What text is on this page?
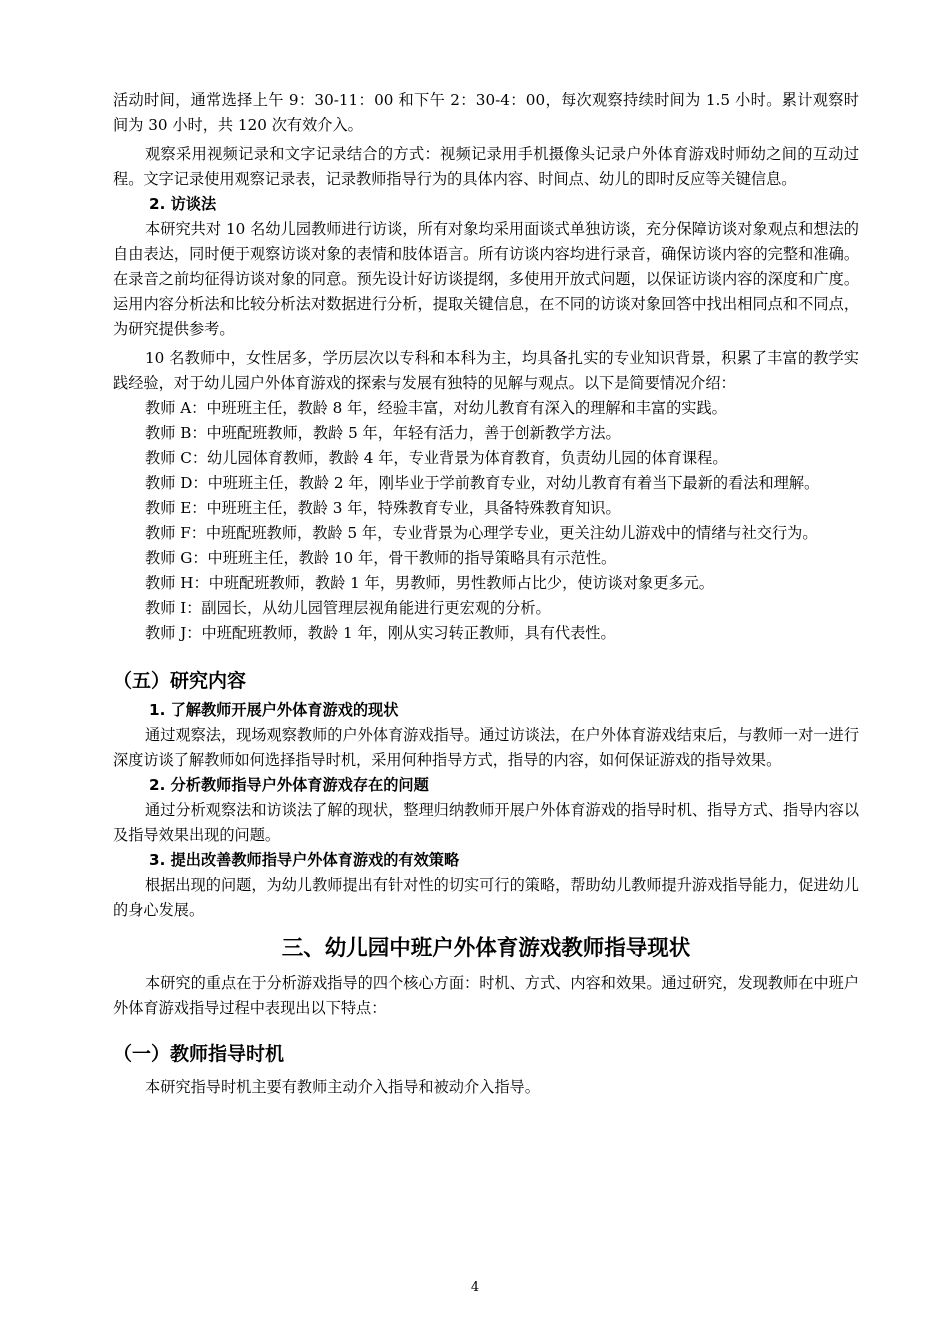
活动时间，通常选择上午 9：30-11：00 和下午 2：30-4：00，每次观察持续时间为 1.5 小时。累计观察时间为 30 小时，共 120 次有效介入。

观察采用视频记录和文字记录结合的方式：视频记录用手机摄像头记录户外体育游戏时师幼之间的互动过程。文字记录使用观察记录表，记录教师指导行为的具体内容、时间点、幼儿的即时反应等关键信息。

2. 访谈法

本研究共对 10 名幼儿园教师进行访谈，所有对象均采用面谈式单独访谈，充分保障访谈对象观点和想法的自由表达，同时便于观察访谈对象的表情和肢体语言。所有访谈内容均进行录音，确保访谈内容的完整和准确。在录音之前均征得访谈对象的同意。预先设计好访谈提纲，多使用开放式问题，以保证访谈内容的深度和广度。运用内容分析法和比较分析法对数据进行分析，提取关键信息，在不同的访谈对象回答中找出相同点和不同点，为研究提供参考。

10 名教师中，女性居多，学历层次以专科和本科为主，均具备扎实的专业知识背景，积累了丰富的教学实践经验，对于幼儿园户外体育游戏的探索与发展有独特的见解与观点。以下是简要情况介绍：

教师 A：中班班主任，教龄 8 年，经验丰富，对幼儿教育有深入的理解和丰富的实践。

教师 B：中班配班教师，教龄 5 年，年轻有活力，善于创新教学方法。

教师 C：幼儿园体育教师，教龄 4 年，专业背景为体育教育，负责幼儿园的体育课程。

教师 D：中班班主任，教龄 2 年，刚毕业于学前教育专业，对幼儿教育有着当下最新的看法和理解。

教师 E：中班班主任，教龄 3 年，特殊教育专业，具备特殊教育知识。

教师 F：中班配班教师，教龄 5 年，专业背景为心理学专业，更关注幼儿游戏中的情绪与社交行为。

教师 G：中班班主任，教龄 10 年，骨干教师的指导策略具有示范性。

教师 H：中班配班教师，教龄 1 年，男教师，男性教师占比少，使访谈对象更多元。

教师 I：副园长，从幼儿园管理层视角能进行更宏观的分析。

教师 J：中班配班教师，教龄 1 年，刚从实习转正教师，具有代表性。

（五）研究内容

1. 了解教师开展户外体育游戏的现状

通过观察法，现场观察教师的户外体育游戏指导。通过访谈法，在户外体育游戏结束后，与教师一对一进行深度访谈了解教师如何选择指导时机，采用何种指导方式，指导的内容，如何保证游戏的指导效果。

2. 分析教师指导户外体育游戏存在的问题

通过分析观察法和访谈法了解的现状，整理归纳教师开展户外体育游戏的指导时机、指导方式、指导内容以及指导效果出现的问题。

3. 提出改善教师指导户外体育游戏的有效策略

根据出现的问题，为幼儿教师提出有针对性的切实可行的策略，帮助幼儿教师提升游戏指导能力，促进幼儿的身心发展。

三、幼儿园中班户外体育游戏教师指导现状

本研究的重点在于分析游戏指导的四个核心方面：时机、方式、内容和效果。通过研究，发现教师在中班户外体育游戏指导过程中表现出以下特点：

（一）教师指导时机

本研究指导时机主要有教师主动介入指导和被动介入指导。

4
